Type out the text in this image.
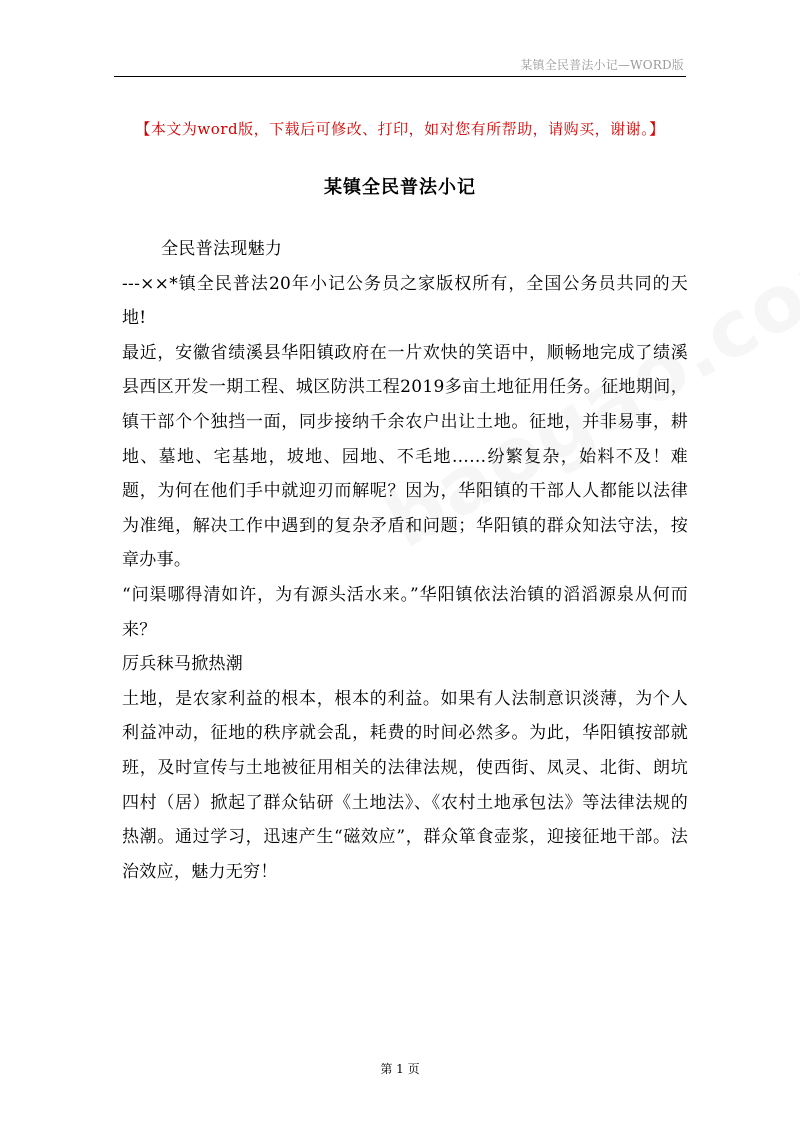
某镇全民普法小记—WORD版
【本文为word版，下载后可修改、打印，如对您有所帮助，请购买，谢谢。】
某镇全民普法小记

全民普法现魅力

---××*镇全民普法20年小记公务员之家版权所有，全国公务员共同的天地!

最近，安徽省绩溪县华阳镇政府在一片欢快的笑语中，顺畅地完成了绩溪县西区开发一期工程、城区防洪工程2019多亩土地征用任务。征地期间，镇干部个个独挡一面，同步接纳千余农户出让土地。征地，并非易事，耕地、墓地、宅基地，坡地、园地、不毛地……纷繁复杂，始料不及！难题，为何在他们手中就迎刃而解呢？因为，华阳镇的干部人人都能以法律为准绳，解决工作中遇到的复杂矛盾和问题；华阳镇的群众知法守法，按章办事。

“问渠哪得清如许，为有源头活水来。”华阳镇依法治镇的滔滔源泉从何而来？

厉兵秣马掀热潮

土地，是农家利益的根本，根本的利益。如果有人法制意识淡薄，为个人利益冲动，征地的秩序就会乱，耗费的时间必然多。为此，华阳镇按部就班，及时宣传与土地被征用相关的法律法规，使西街、凤灵、北街、朗坑四村（居）掀起了群众钻研《土地法》、《农村土地承包法》等法律法规的热潮。通过学习，迅速产生“磁效应”，群众箪食壶浆，迎接征地干部。法治效应，魅力无穷！

第 1 页
